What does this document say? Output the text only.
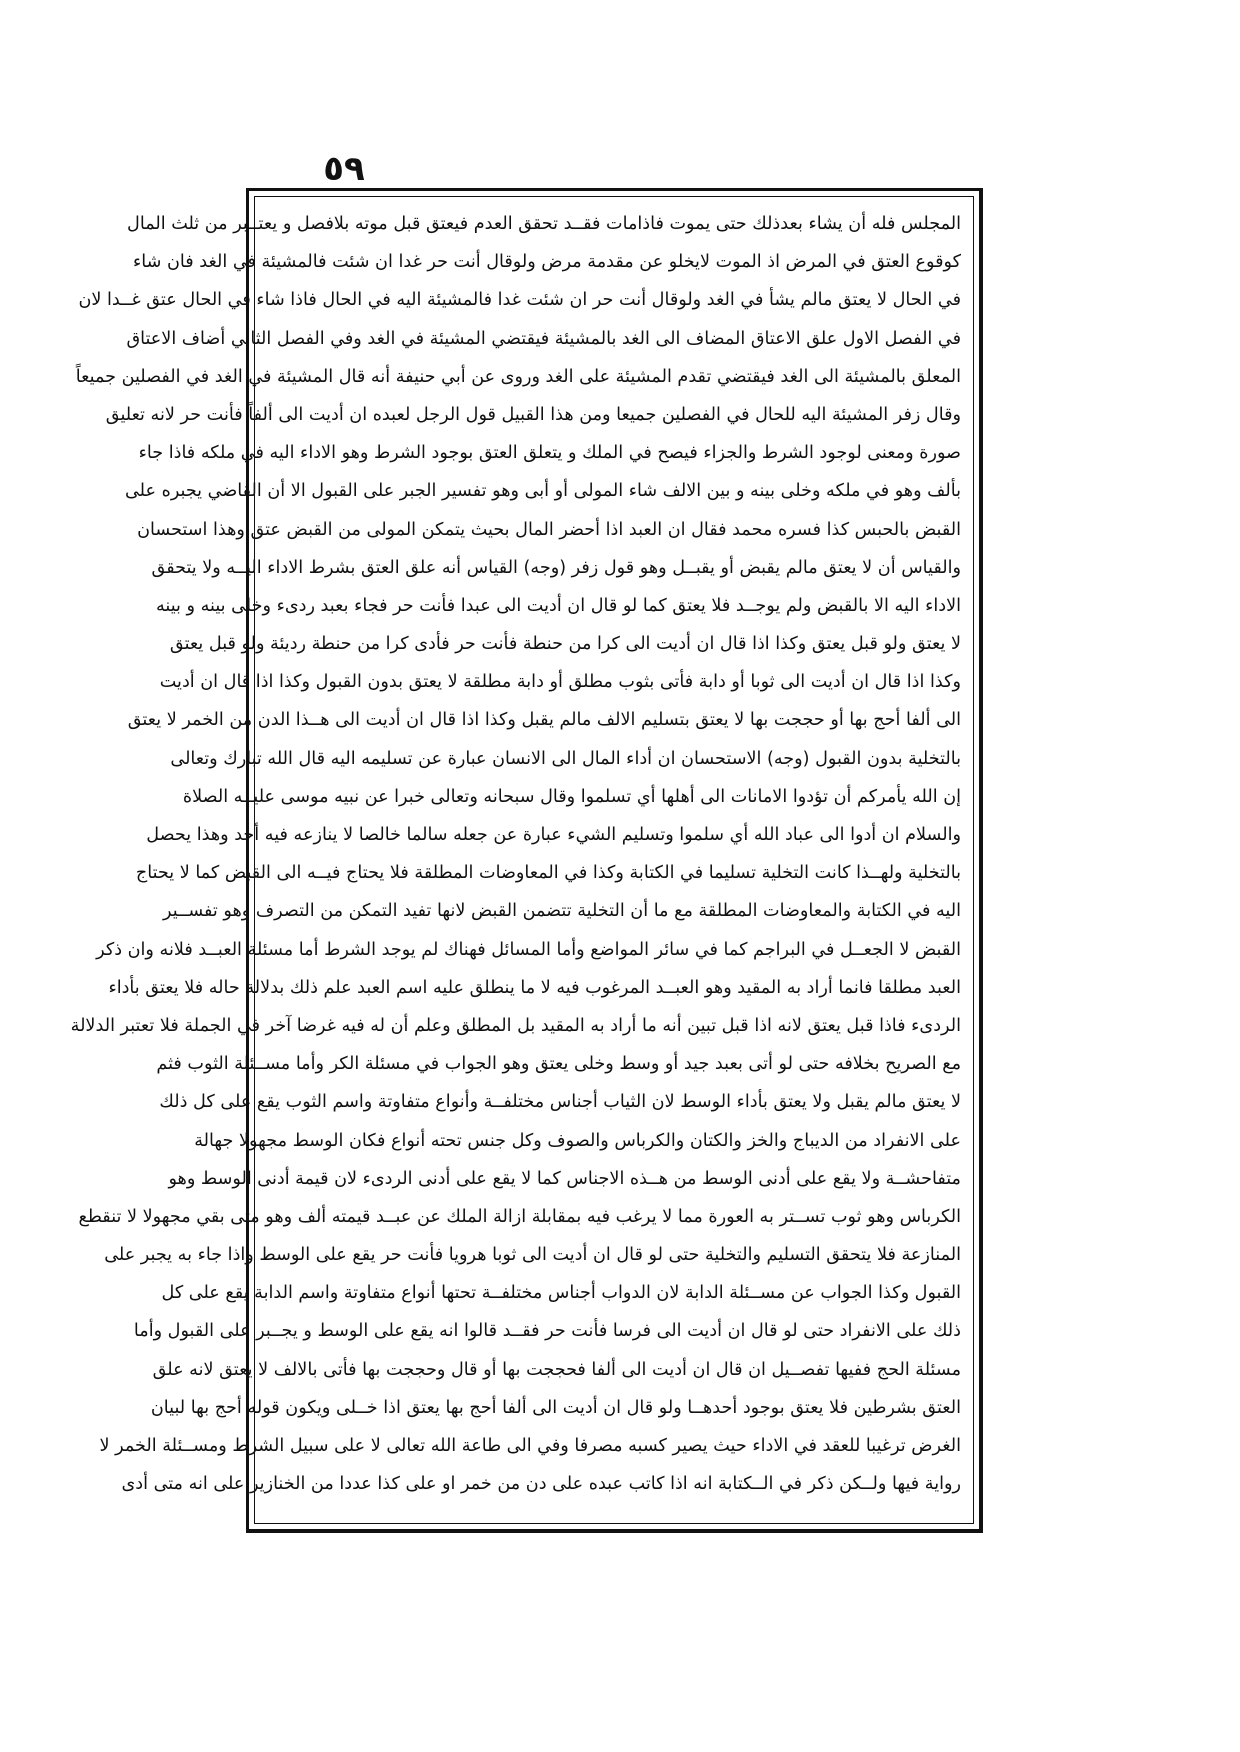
٥٩
المجلس فله أن يشاء بعدذلك حتى يموت فاذامات فقــد تحقق العدم فيعتق قبل موته بلافصل و يعتــبر من ثلث المال
كوقوع العتق في المرض اذ الموت لايخلو عن مقدمة مرض ولوقال أنت حر غدا ان شئت فالمشيئة في الغد فان شاء
في الحال لا يعتق مالم يشأ في الغد ولوقال أنت حر ان شئت غدا فالمشيئة اليه في الحال فاذا شاء في الحال عتق غــدا لان
في الفصل الاول علق الاعتاق المضاف الى الغد بالمشيئة فيقتضي المشيئة في الغد وفي الفصل الثاني أضاف الاعتاق
المعلق بالمشيئة الى الغد فيقتضي تقدم المشيئة على الغد وروى عن أبي حنيفة أنه قال المشيئة في الغد في الفصلين جميعاً
وقال زفر المشيئة اليه للحال في الفصلين جميعا ومن هذا القبيل قول الرجل لعبده ان أديت الى ألفاً فأنت حر لانه تعليق
صورة ومعنى لوجود الشرط والجزاء فيصح في الملك و يتعلق العتق بوجود الشرط وهو الاداء اليه في ملكه فاذا جاء
بألف وهو في ملكه وخلى بينه و بين الالف شاء المولى أو أبى وهو تفسير الجبر على القبول الا أن القاضي يجبره على
القبض بالحبس كذا فسره محمد فقال ان العبد اذا أحضر المال بحيث يتمكن المولى من القبض عتق وهذا استحسان
والقياس أن لا يعتق مالم يقبض أو يقبــل وهو قول زفر (وجه) القياس أنه علق العتق بشرط الاداء اليــه ولا يتحقق
الاداء اليه الا بالقبض ولم يوجــد فلا يعتق كما لو قال ان أديت الى عبدا فأنت حر فجاء بعبد ردىء وخلى بينه و بينه
لا يعتق ولو قبل يعتق وكذا اذا قال ان أديت الى كرا من حنطة فأنت حر فأدى كرا من حنطة رديئة ولو قبل يعتق
وكذا اذا قال ان أديت الى ثوبا أو دابة فأتى بثوب مطلق أو دابة مطلقة لا يعتق بدون القبول وكذا اذا قال ان أديت
الى ألفا أحج بها أو حججت بها لا يعتق بتسليم الالف مالم يقبل وكذا اذا قال ان أديت الى هــذا الدن من الخمر لا يعتق
بالتخلية بدون القبول (وجه) الاستحسان ان أداء المال الى الانسان عبارة عن تسليمه اليه قال الله تبارك وتعالى
إن الله يأمركم أن تؤدوا الامانات الى أهلها أي تسلموا وقال سبحانه وتعالى خبرا عن نبيه موسى عليــه الصلاة
والسلام ان أدوا الى عباد الله أي سلموا وتسليم الشيء عبارة عن جعله سالما خالصا لا ينازعه فيه أحد وهذا يحصل
بالتخلية ولهــذا كانت التخلية تسليما في الكتابة وكذا في المعاوضات المطلقة فلا يحتاج فيــه الى القبض كما لا يحتاج
اليه في الكتابة والمعاوضات المطلقة مع ما أن التخلية تتضمن القبض لانها تفيد التمكن من التصرف وهو تفســير
القبض لا الجعــل في البراجم كما في سائر المواضع وأما المسائل فهناك لم يوجد الشرط أما مسئلة العبــد فلانه وان ذكر
العبد مطلقا فانما أراد به المقيد وهو العبــد المرغوب فيه لا ما ينطلق عليه اسم العبد علم ذلك بدلالة حاله فلا يعتق بأداء
الردىء فاذا قبل يعتق لانه اذا قبل تبين أنه ما أراد به المقيد بل المطلق وعلم أن له فيه غرضا آخر في الجملة فلا تعتبر الدلالة
مع الصريح بخلافه حتى لو أتى بعبد جيد أو وسط وخلى يعتق وهو الجواب في مسئلة الكر وأما مســئلة الثوب فثم
لا يعتق مالم يقبل ولا يعتق بأداء الوسط لان الثياب أجناس مختلفــة وأنواع متفاوتة واسم الثوب يقع على كل ذلك
على الانفراد من الديباج والخز والكتان والكرباس والصوف وكل جنس تحته أنواع فكان الوسط مجهولا جهالة
متفاحشــة ولا يقع على أدنى الوسط من هــذه الاجناس كما لا يقع على أدنى الردىء لان قيمة أدنى الوسط وهو
الكرباس وهو ثوب تســتر به العورة مما لا يرغب فيه بمقابلة ازالة الملك عن عبــد قيمته ألف وهو متى بقي مجهولا لا تنقطع
المنازعة فلا يتحقق التسليم والتخلية حتى لو قال ان أديت الى ثوبا هرويا فأنت حر يقع على الوسط واذا جاء به يجبر على
القبول وكذا الجواب عن مســئلة الدابة لان الدواب أجناس مختلفــة تحتها أنواع متفاوتة واسم الدابة يقع على كل
ذلك على الانفراد حتى لو قال ان أديت الى فرسا فأنت حر فقــد قالوا انه يقع على الوسط و يجــبر على القبول وأما
مسئلة الحج ففيها تفصــيل ان قال ان أديت الى ألفا فحججت بها أو قال وحججت بها فأتى بالالف لا يعتق لانه علق
العتق بشرطين فلا يعتق بوجود أحدهــا ولو قال ان أديت الى ألفا أحج بها يعتق اذا خــلى ويكون قوله أحج بها لبيان
الغرض ترغيبا للعقد في الاداء حيث يصير كسبه مصرفا وفي الى طاعة الله تعالى لا على سبيل الشرط ومســئلة الخمر لا
رواية فيها ولــكن ذكر في الــكتابة انه اذا كاتب عبده على دن من خمر او على كذا عددا من الخنازير على انه متى أدى
